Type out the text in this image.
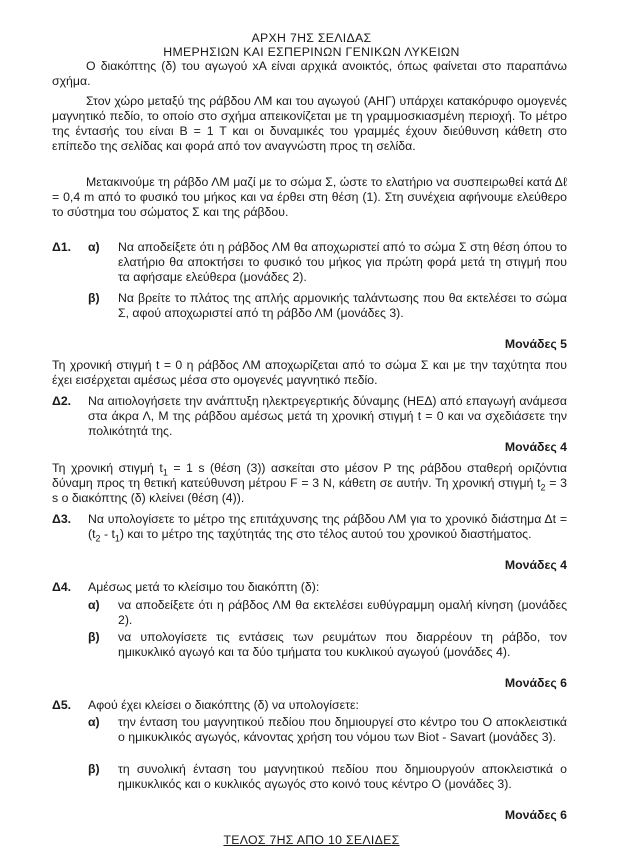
ΑΡΧΗ 7ΗΣ ΣΕΛΙΔΑΣ
ΗΜΕΡΗΣΙΩΝ ΚΑΙ ΕΣΠΕΡΙΝΩΝ ΓΕΝΙΚΩΝ ΛΥΚΕΙΩΝ
Ο διακόπτης (δ) του αγωγού xA είναι αρχικά ανοικτός, όπως φαίνεται στο παραπάνω σχήμα.
Στον χώρο μεταξύ της ράβδου ΛΜ και του αγωγού (ΑΗΓ) υπάρχει κατακόρυφο ομογενές μαγνητικό πεδίο, το οποίο στο σχήμα απεικονίζεται με τη γραμμοσκιασμένη περιοχή. Το μέτρο της έντασής του είναι Β = 1 Τ και οι δυναμικές του γραμμές έχουν διεύθυνση κάθετη στο επίπεδο της σελίδας και φορά από τον αναγνώστη προς τη σελίδα.
Μετακινούμε τη ράβδο ΛΜ μαζί με το σώμα Σ, ώστε το ελατήριο να συσπειρωθεί κατά Δℓ = 0,4 m από το φυσικό του μήκος και να έρθει στη θέση (1). Στη συνέχεια αφήνουμε ελεύθερο το σύστημα του σώματος Σ και της ράβδου.
Δ1. α) Να αποδείξετε ότι η ράβδος ΛΜ θα αποχωριστεί από το σώμα Σ στη θέση όπου το ελατήριο θα αποκτήσει το φυσικό του μήκος για πρώτη φορά μετά τη στιγμή που τα αφήσαμε ελεύθερα (μονάδες 2).
β) Να βρείτε το πλάτος της απλής αρμονικής ταλάντωσης που θα εκτελέσει το σώμα Σ, αφού αποχωριστεί από τη ράβδο ΛΜ (μονάδες 3).
Μονάδες 5
Τη χρονική στιγμή t = 0 η ράβδος ΛΜ αποχωρίζεται από το σώμα Σ και με την ταχύτητα που έχει εισέρχεται αμέσως μέσα στο ομογενές μαγνητικό πεδίο.
Δ2. Να αιτιολογήσετε την ανάπτυξη ηλεκτρεγερτικής δύναμης (ΗΕΔ) από επαγωγή ανάμεσα στα άκρα Λ, Μ της ράβδου αμέσως μετά τη χρονική στιγμή t = 0 και να σχεδιάσετε την πολικότητά της.
Μονάδες 4
Τη χρονική στιγμή $t_1 = 1$ s (θέση (3)) ασκείται στο μέσον Ρ της ράβδου σταθερή οριζόντια δύναμη προς τη θετική κατεύθυνση μέτρου F = 3 N, κάθετη σε αυτήν. Τη χρονική στιγμή $t_2 = 3$ s ο διακόπτης (δ) κλείνει (θέση (4)).
Δ3. Να υπολογίσετε το μέτρο της επιτάχυνσης της ράβδου ΛΜ για το χρονικό διάστημα $\Delta t = (t_2 - t_1)$ και το μέτρο της ταχύτητάς της στο τέλος αυτού του χρονικού διαστήματος.
Μονάδες 4
Δ4. Αμέσως μετά το κλείσιμο του διακόπτη (δ):
α) να αποδείξετε ότι η ράβδος ΛΜ θα εκτελέσει ευθύγραμμη ομαλή κίνηση (μονάδες 2).
β) να υπολογίσετε τις εντάσεις των ρευμάτων που διαρρέουν τη ράβδο, τον ημικυκλικό αγωγό και τα δύο τμήματα του κυκλικού αγωγού (μονάδες 4).
Μονάδες 6
Δ5. Αφού έχει κλείσει ο διακόπτης (δ) να υπολογίσετε:
α) την ένταση του μαγνητικού πεδίου που δημιουργεί στο κέντρο του Ο αποκλειστικά ο ημικυκλικός αγωγός, κάνοντας χρήση του νόμου των Biot - Savart (μονάδες 3).
β) τη συνολική ένταση του μαγνητικού πεδίου που δημιουργούν αποκλειστικά ο ημικυκλικός και ο κυκλικός αγωγός στο κοινό τους κέντρο Ο (μονάδες 3).
Μονάδες 6
ΤΕΛΟΣ 7ΗΣ ΑΠΟ 10 ΣΕΛΙΔΕΣ
